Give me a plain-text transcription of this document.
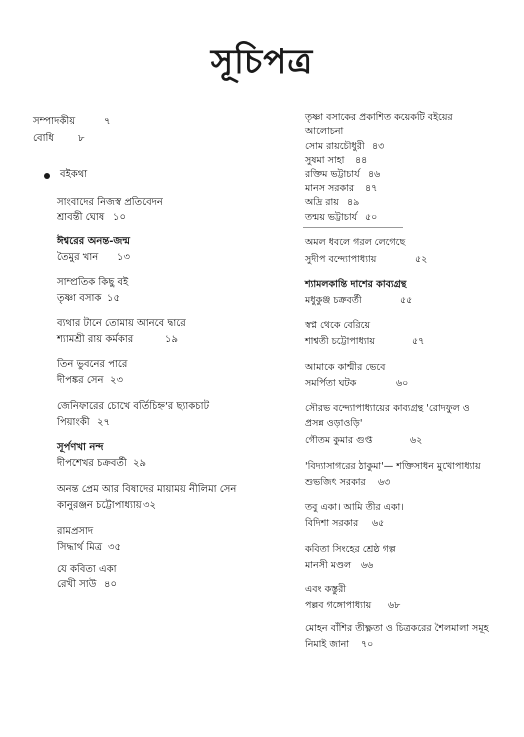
সূচিপত্র
সম্পাদকীয়	৭
বোধি ৮
বইকথা
সাংবাদের নিজস্ব প্রতিবেদন
শ্রাবন্তী ঘোষ ১০
ঈশ্বরের অনন্ত-জন্ম
তৈমুর খান ১৩
সাম্প্রতিক কিছু বই
তৃষ্ণা বসাক ১৫
ব্যথার টানে তোমায় আনবে দ্বারে
শ্যামশ্রী রায় কর্মকার	১৯
তিন ভুবনের পারে
দীপঙ্কর সেন ২৩
জেনিফারের চোখে বর্তিচিহ্ন'র ছ্যাকচাট
পিয়াংকী ২৭
সূর্পণখা নন্দ
দীপশেখর চক্রবর্তী ২৯
অনন্ত প্রেম আর বিষাদের মায়াময় নীলিমা সেন
কানুরঞ্জন চট্টোপাধ্যায় ৩২
রামপ্রসাদ
সিদ্ধার্থ মিত্র ৩৫
যে কবিতা একা
রেখী সাউ ৪০
তৃষ্ণা বসাকের প্রকাশিত কয়েকটি বইয়ের
আলোচনা
সোম রায়চৌধুরী ৪৩
সুষমা সাহা ৪৪
রক্তিম ভট্টাচার্য ৪৬
মানস সরকার ৪৭
অদ্রি রায় ৪৯
তন্ময় ভট্টাচার্য ৫০
অমল ধবলে গরল লেগেছে
সুদীপ বন্দ্যোপাধ্যায়	৫২
শ্যামলকান্তি দাশের কাব্যগ্রন্থ
মধুকুঞ্জ চক্রবর্তী	৫৫
স্বপ্ন থেকে বেরিয়ে
শাশ্বতী চট্টোপাধ্যায়	৫৭
আমাকে কাশ্মীর ভেবে
সমর্পিতা ঘটক	৬০
সৌরভ বন্দ্যোপাধ্যায়ের কাব্যগ্রন্থ 'রোদফুল ও
প্রসন্ন ওড়াওড়ি'
গৌতম কুমার গুপ্ত	৬২
'বিদ্যাসাগরের ঠাকুমা'— শক্তিসাধন মুখোপাধ্যায়
শুভজিৎ সরকার ৬৩
তবু একা। আমি তীর একা।
বিদিশা সরকার ৬৫
কবিতা সিংহের শ্রেষ্ঠ গল্প
মানসী মণ্ডল ৬৬
এবং কস্তুরী
পল্লব গঙ্গোপাধ্যায় ৬৮
মোহন বাঁশির তীক্ষ্ণতা ও চিত্রকরের শৈলমালা সমূহ
নিমাই জানা ৭০
